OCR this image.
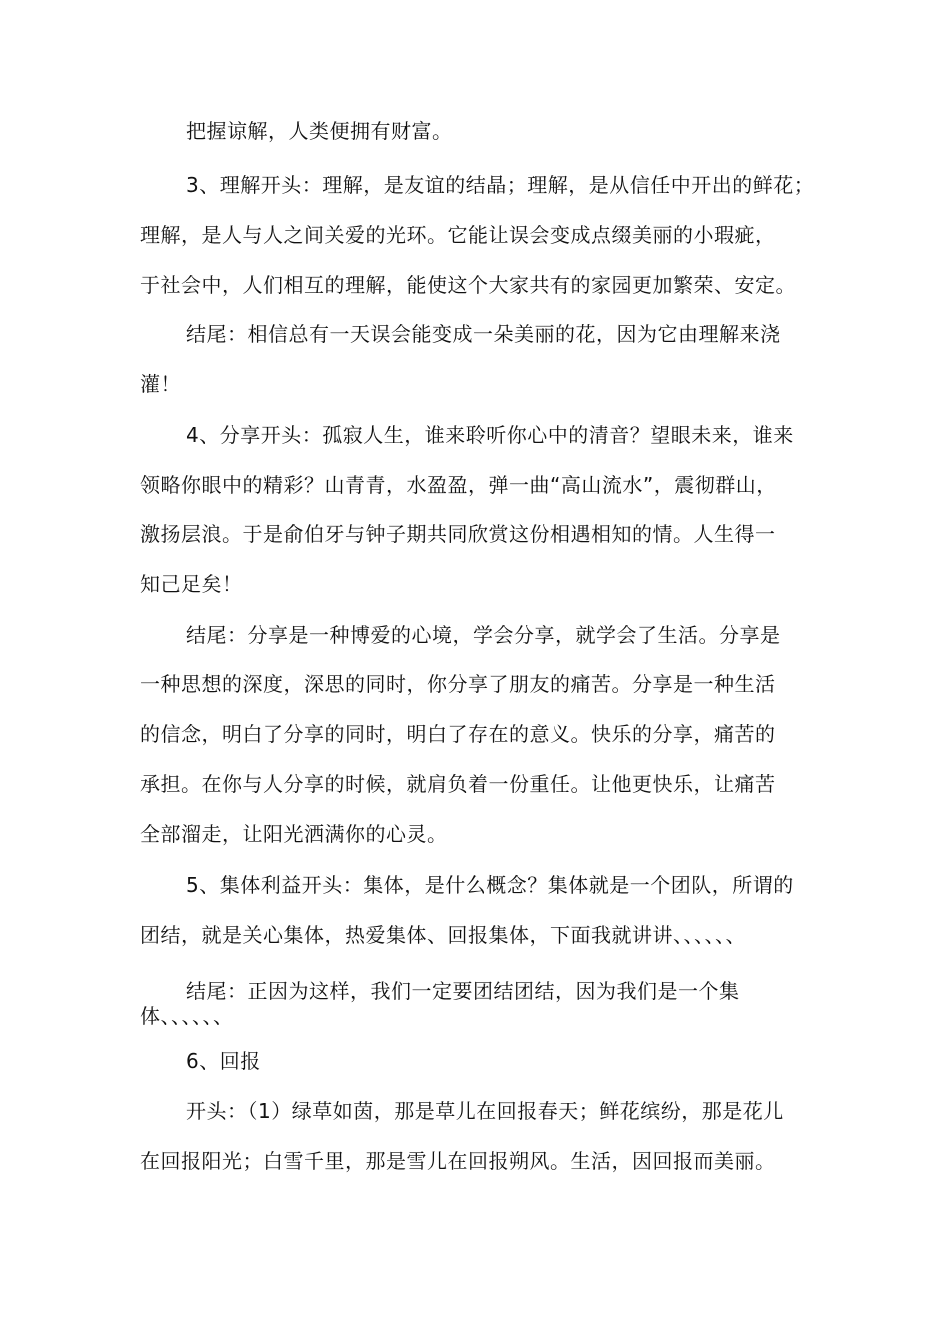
把握谅解，人类便拥有财富。
3、理解开头：理解，是友谊的结晶；理解，是从信任中开出的鲜花；
理解，是人与人之间关爱的光环。它能让误会变成点缀美丽的小瑕疵，
于社会中，人们相互的理解，能使这个大家共有的家园更加繁荣、安定。
结尾：相信总有一天误会能变成一朵美丽的花，因为它由理解来浇
灌！
4、分享开头：孤寂人生，谁来聆听你心中的清音？望眼未来，谁来
领略你眼中的精彩？山青青，水盈盈，弹一曲“高山流水”，震彻群山，
激扬层浪。于是俞伯牙与钟子期共同欣赏这份相遇相知的情。人生得一
知己足矣！
结尾：分享是一种博爱的心境，学会分享，就学会了生活。分享是
一种思想的深度，深思的同时，你分享了朋友的痛苦。分享是一种生活
的信念，明白了分享的同时，明白了存在的意义。快乐的分享，痛苦的
承担。在你与人分享的时候，就肩负着一份重任。让他更快乐，让痛苦
全部溜走，让阳光洒满你的心灵。
5、集体利益开头：集体，是什么概念？集体就是一个团队，所谓的
团结，就是关心集体，热爱集体、回报集体，下面我就讲讲、、、、、、
结尾：正因为这样，我们一定要团结团结，因为我们是一个集
体、、、、、、
6、回报
开头：（1）绿草如茵，那是草儿在回报春天；鲜花缤纷，那是花儿
在回报阳光；白雪千里，那是雪儿在回报朔风。生活，因回报而美丽。
